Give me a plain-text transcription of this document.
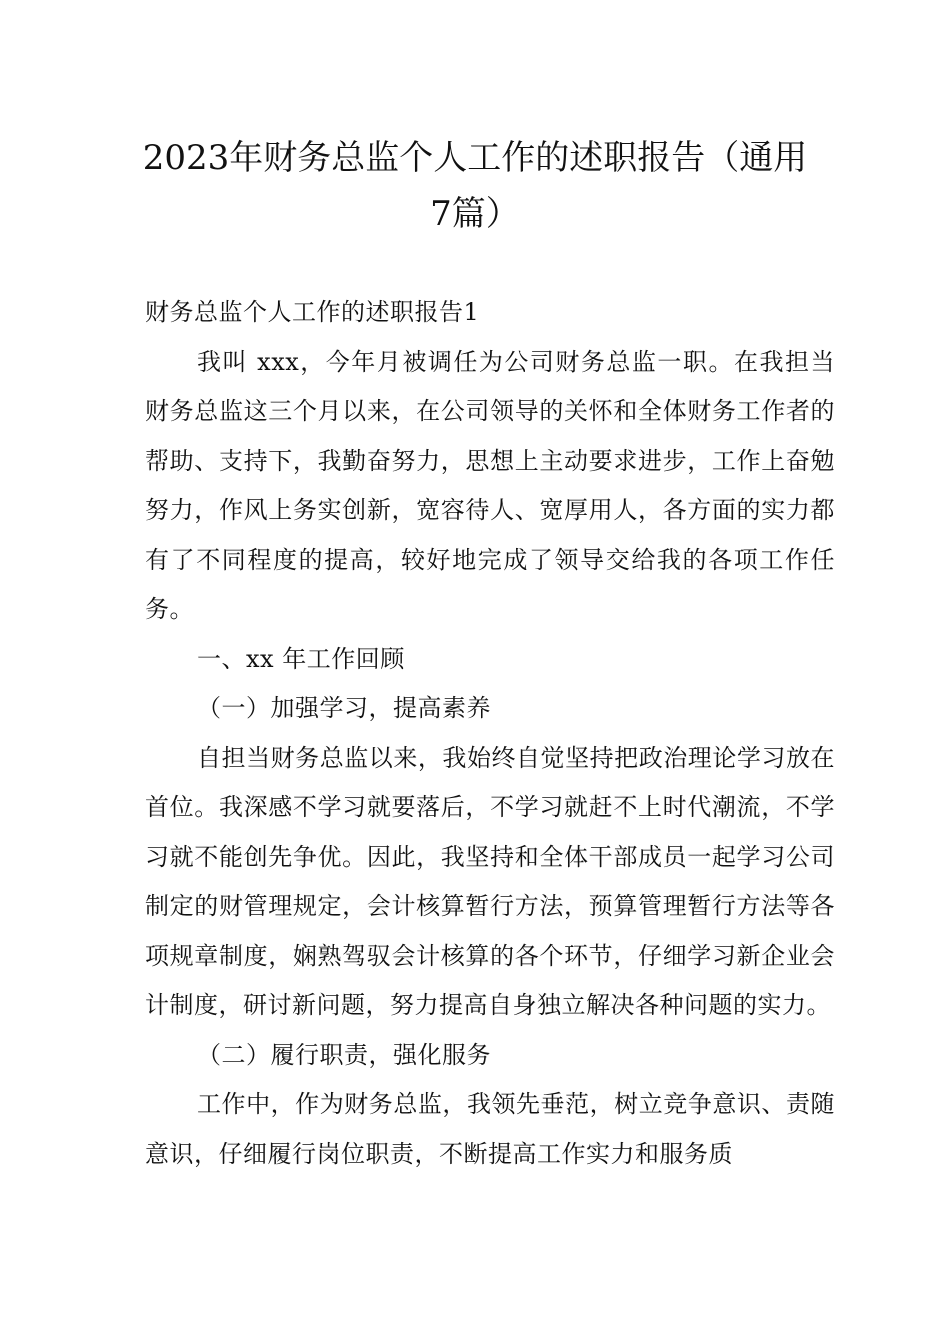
2023年财务总监个人工作的述职报告（通用
7篇）

财务总监个人工作的述职报告1

我叫 xxx，今年月被调任为公司财务总监一职。在我担当财务总监这三个月以来，在公司领导的关怀和全体财务工作者的帮助、支持下，我勤奋努力，思想上主动要求进步，工作上奋勉努力，作风上务实创新，宽容待人、宽厚用人，各方面的实力都有了不同程度的提高，较好地完成了领导交给我的各项工作任务。

一、xx 年工作回顾

（一）加强学习，提高素养

自担当财务总监以来，我始终自觉坚持把政治理论学习放在首位。我深感不学习就要落后，不学习就赶不上时代潮流，不学习就不能创先争优。因此，我坚持和全体干部成员一起学习公司制定的财管理规定，会计核算暂行方法，预算管理暂行方法等各项规章制度，娴熟驾驭会计核算的各个环节，仔细学习新企业会计制度，研讨新问题，努力提高自身独立解决各种问题的实力。

（二）履行职责，强化服务

工作中，作为财务总监，我领先垂范，树立竞争意识、责随意识，仔细履行岗位职责，不断提高工作实力和服务质
